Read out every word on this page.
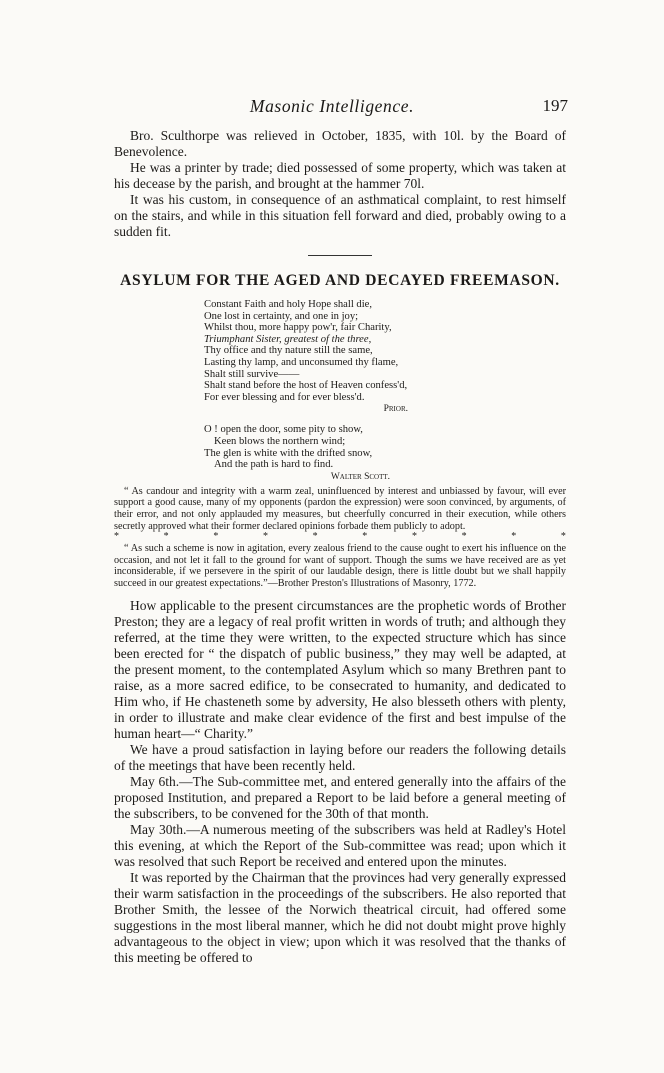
Masonic Intelligence.	197

Bro. Sculthorpe was relieved in October, 1835, with 10l. by the Board of Benevolence.

He was a printer by trade; died possessed of some property, which was taken at his decease by the parish, and brought at the hammer 70l.

It was his custom, in consequence of an asthmatical complaint, to rest himself on the stairs, and while in this situation fell forward and died, probably owing to a sudden fit.

ASYLUM FOR THE AGED AND DECAYED FREEMASON.
Constant Faith and holy Hope shall die,
One lost in certainty, and one in joy;
Whilst thou, more happy pow'r, fair Charity,
Triumphant Sister, greatest of the three,
Thy office and thy nature still the same,
Lasting thy lamp, and unconsumed thy flame,
Shalt still survive——
Shalt stand before the host of Heaven confess'd,
For ever blessing and for ever bless'd.
Prior.
O ! open the door, some pity to show,
Keen blows the northern wind;
The glen is white with the drifted snow,
And the path is hard to find.
Walter Scott.

“ As candour and integrity with a warm zeal, uninfluenced by interest and unbiassed by favour, will ever support a good cause, many of my opponents (pardon the expression) were soon convinced, by arguments, of their error, and not only applauded my measures, but cheerfully concurred in their execution, while others secretly approved what their former declared opinions forbade them publicly to adopt.

*	*	*	*	*	*	*	*	*	*

“ As such a scheme is now in agitation, every zealous friend to the cause ought to exert his influence on the occasion, and not let it fall to the ground for want of support. Though the sums we have received are as yet inconsiderable, if we persevere in the spirit of our laudable design, there is little doubt but we shall happily succeed in our greatest expectations.”—Brother Preston's Illustrations of Masonry, 1772.

How applicable to the present circumstances are the prophetic words of Brother Preston; they are a legacy of real profit written in words of truth; and although they referred, at the time they were written, to the expected structure which has since been erected for “ the dispatch of public business,” they may well be adapted, at the present moment, to the contemplated Asylum which so many Brethren pant to raise, as a more sacred edifice, to be consecrated to humanity, and dedicated to Him who, if He chasteneth some by adversity, He also blesseth others with plenty, in order to illustrate and make clear evidence of the first and best impulse of the human heart—“ Charity.”

We have a proud satisfaction in laying before our readers the following details of the meetings that have been recently held.

May 6th.—The Sub-committee met, and entered generally into the affairs of the proposed Institution, and prepared a Report to be laid before a general meeting of the subscribers, to be convened for the 30th of that month.

May 30th.—A numerous meeting of the subscribers was held at Radley's Hotel this evening, at which the Report of the Sub-committee was read; upon which it was resolved that such Report be received and entered upon the minutes.

It was reported by the Chairman that the provinces had very generally expressed their warm satisfaction in the proceedings of the subscribers. He also reported that Brother Smith, the lessee of the Norwich theatrical circuit, had offered some suggestions in the most liberal manner, which he did not doubt might prove highly advantageous to the object in view; upon which it was resolved that the thanks of this meeting be offered to
